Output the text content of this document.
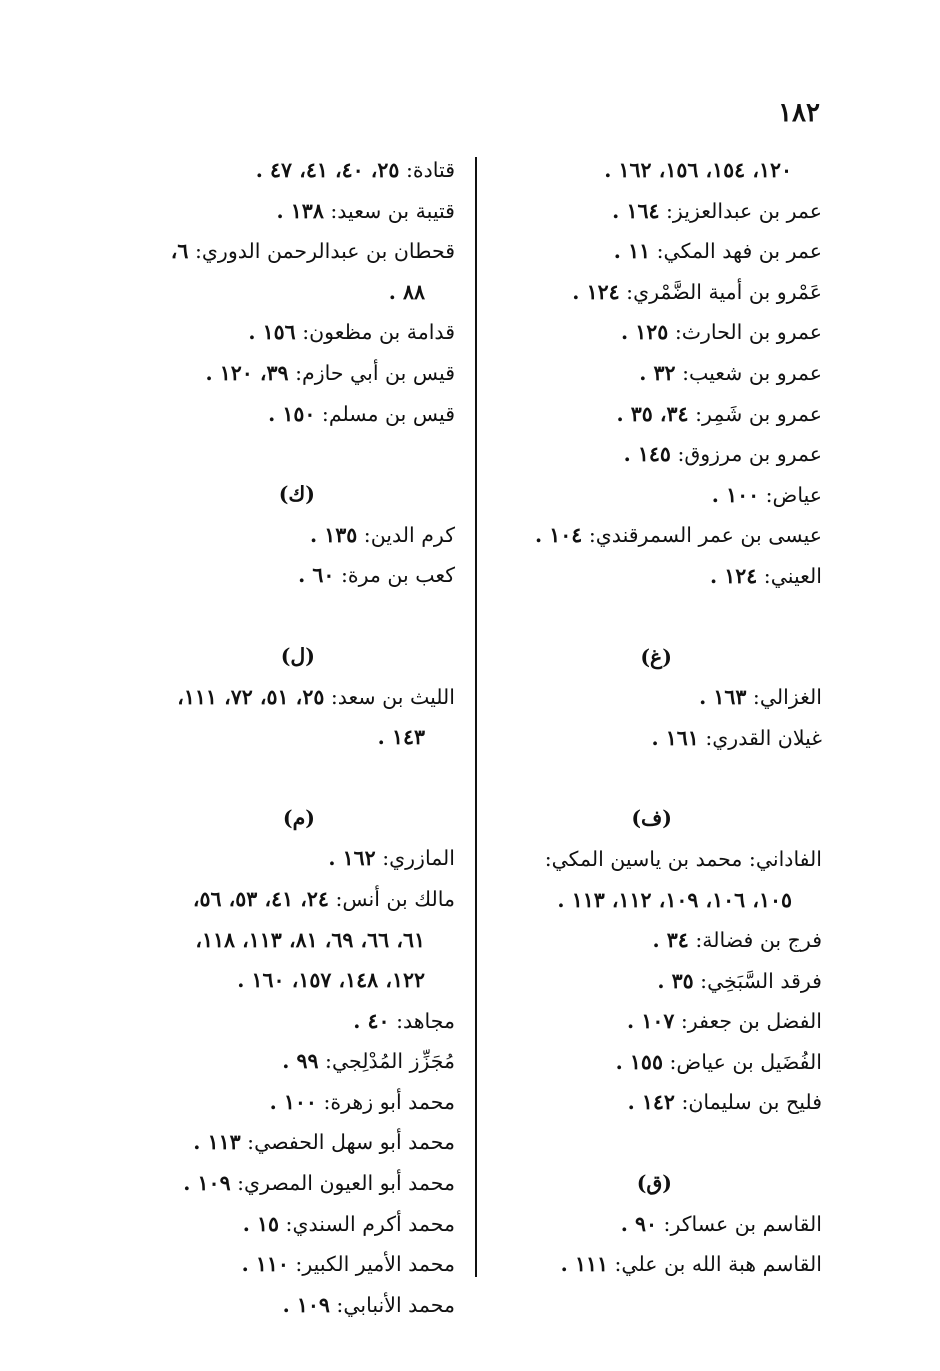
١٨٢
١٢٠، ١٥٤، ١٥٦، ١٦٢ .
عمر بن عبدالعزيز: ١٦٤ .
عمر بن فهد المكي: ١١ .
عَمْرو بن أمية الضَّمْري: ١٢٤ .
عمرو بن الحارث: ١٢٥ .
عمرو بن شعيب: ٣٢ .
عمرو بن شَمِر: ٣٤، ٣٥ .
عمرو بن مرزوق: ١٤٥ .
عياض: ١٠٠ .
عيسى بن عمر السمرقندي: ١٠٤ .
العيني: ١٢٤ .
(غ)
الغزالي: ١٦٣ .
غيلان القدري: ١٦١ .
(ف)
الفاداني: محمد بن ياسين المكي:
١٠٥، ١٠٦، ١٠٩، ١١٢، ١١٣ .
فرج بن فضالة: ٣٤ .
فرقد السَّبَخِي: ٣٥ .
الفضل بن جعفر: ١٠٧ .
الفُضَيل بن عياض: ١٥٥ .
فليح بن سليمان: ١٤٢ .
(ق)
القاسم بن عساكر: ٩٠ .
القاسم هبة الله بن علي: ١١١ .
قتادة: ٢٥، ٤٠، ٤١، ٤٧ .
قتيبة بن سعيد: ١٣٨ .
قحطان بن عبدالرحمن الدوري: ٦،
٨٨ .
قدامة بن مظعون: ١٥٦ .
قيس بن أبي حازم: ٣٩، ١٢٠ .
قيس بن مسلم: ١٥٠ .
(ك)
كرم الدين: ١٣٥ .
كعب بن مرة: ٦٠ .
(ل)
الليث بن سعد: ٢٥، ٥١، ٧٢، ١١١،
١٤٣ .
(م)
المازري: ١٦٢ .
مالك بن أنس: ٢٤، ٤١، ٥٣، ٥٦،
٦١، ٦٦، ٦٩، ٨١، ١١٣، ١١٨،
١٢٢، ١٤٨، ١٥٧، ١٦٠ .
مجاهد: ٤٠ .
مُجَزِّز المُدْلِجي: ٩٩ .
محمد أبو زهرة: ١٠٠ .
محمد أبو سهل الحفصي: ١١٣ .
محمد أبو العيون المصري: ١٠٩ .
محمد أكرم السندي: ١٥ .
محمد الأمير الكبير: ١١٠ .
محمد الأنبابي: ١٠٩ .
